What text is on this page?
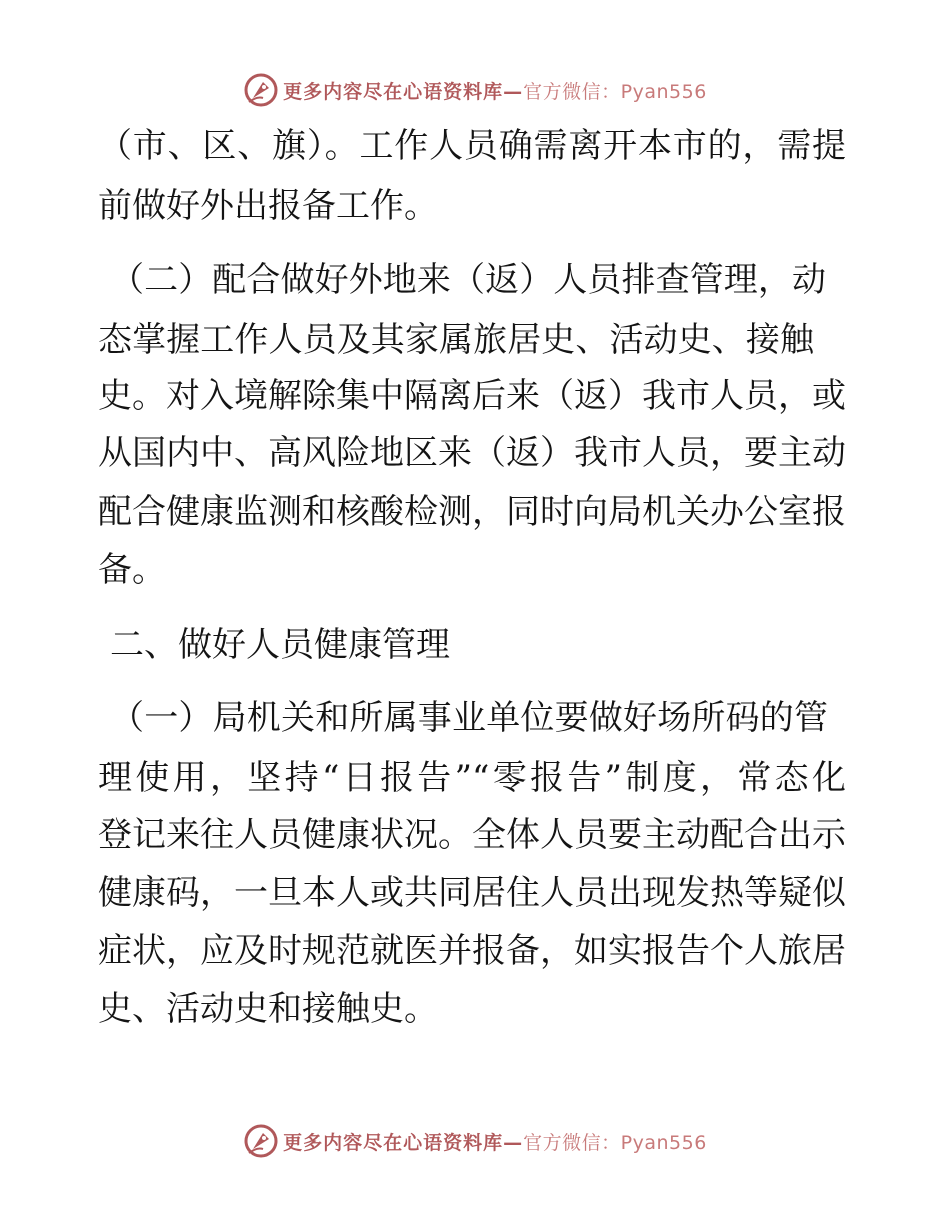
更多内容尽在心语资料库— 官方微信：Pyan556
（市、区、旗）。工作人员确需离开本市的，需提
前做好外出报备工作。
（二）配合做好外地来（返）人员排查管理，动
态掌握工作人员及其家属旅居史、活动史、接触
史。对入境解除集中隔离后来（返）我市人员，或
从国内中、高风险地区来（返）我市人员，要主动
配合健康监测和核酸检测，同时向局机关办公室报
备。
二、做好人员健康管理
（一）局机关和所属事业单位要做好场所码的管
理使用，坚持“日报告”“零报告”制度，常态化
登记来往人员健康状况。全体人员要主动配合出示
健康码，一旦本人或共同居住人员出现发热等疑似
症状，应及时规范就医并报备，如实报告个人旅居
史、活动史和接触史。
更多内容尽在心语资料库— 官方微信：Pyan556
